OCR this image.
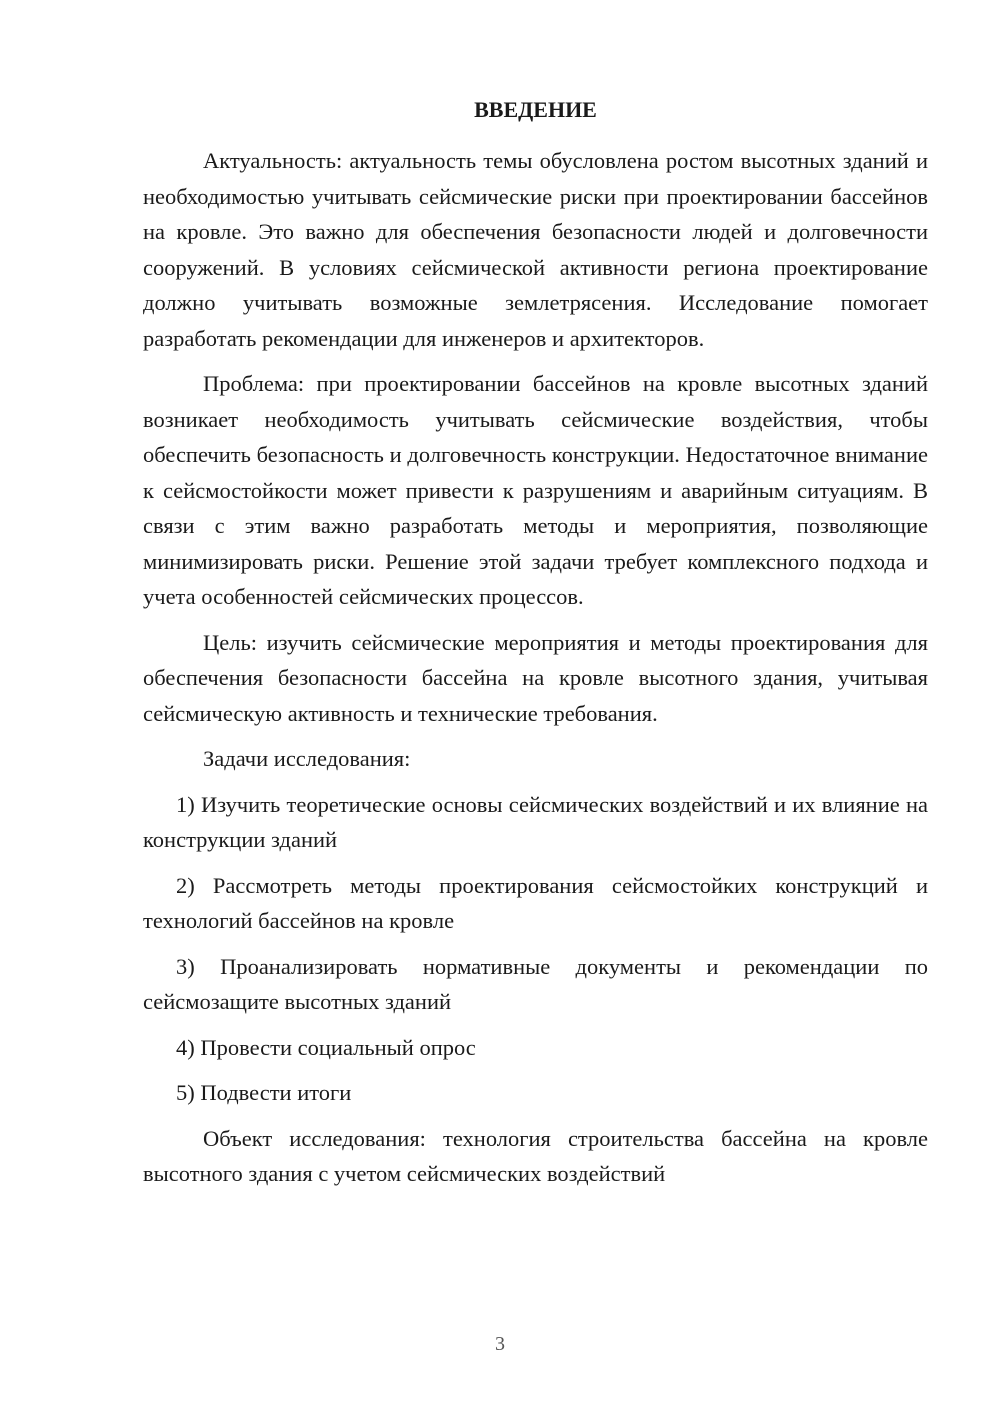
ВВЕДЕНИЕ

Актуальность: актуальность темы обусловлена ростом высотных зданий и необходимостью учитывать сейсмические риски при проектировании бассейнов на кровле. Это важно для обеспечения безопасности людей и долговечности сооружений. В условиях сейсмической активности региона проектирование должно учитывать возможные землетрясения. Исследование помогает разработать рекомендации для инженеров и архитекторов.

Проблема: при проектировании бассейнов на кровле высотных зданий возникает необходимость учитывать сейсмические воздействия, чтобы обеспечить безопасность и долговечность конструкции. Недостаточное внимание к сейсмостойкости может привести к разрушениям и аварийным ситуациям. В связи с этим важно разработать методы и мероприятия, позволяющие минимизировать риски. Решение этой задачи требует комплексного подхода и учета особенностей сейсмических процессов.

Цель: изучить сейсмические мероприятия и методы проектирования для обеспечения безопасности бассейна на кровле высотного здания, учитывая сейсмическую активность и технические требования.

Задачи исследования:

1) Изучить теоретические основы сейсмических воздействий и их влияние на конструкции зданий

2) Рассмотреть методы проектирования сейсмостойких конструкций и технологий бассейнов на кровле

3) Проанализировать нормативные документы и рекомендации по сейсмозащите высотных зданий

4) Провести социальный опрос

5) Подвести итоги

Объект исследования: технология строительства бассейна на кровле высотного здания с учетом сейсмических воздействий

3
